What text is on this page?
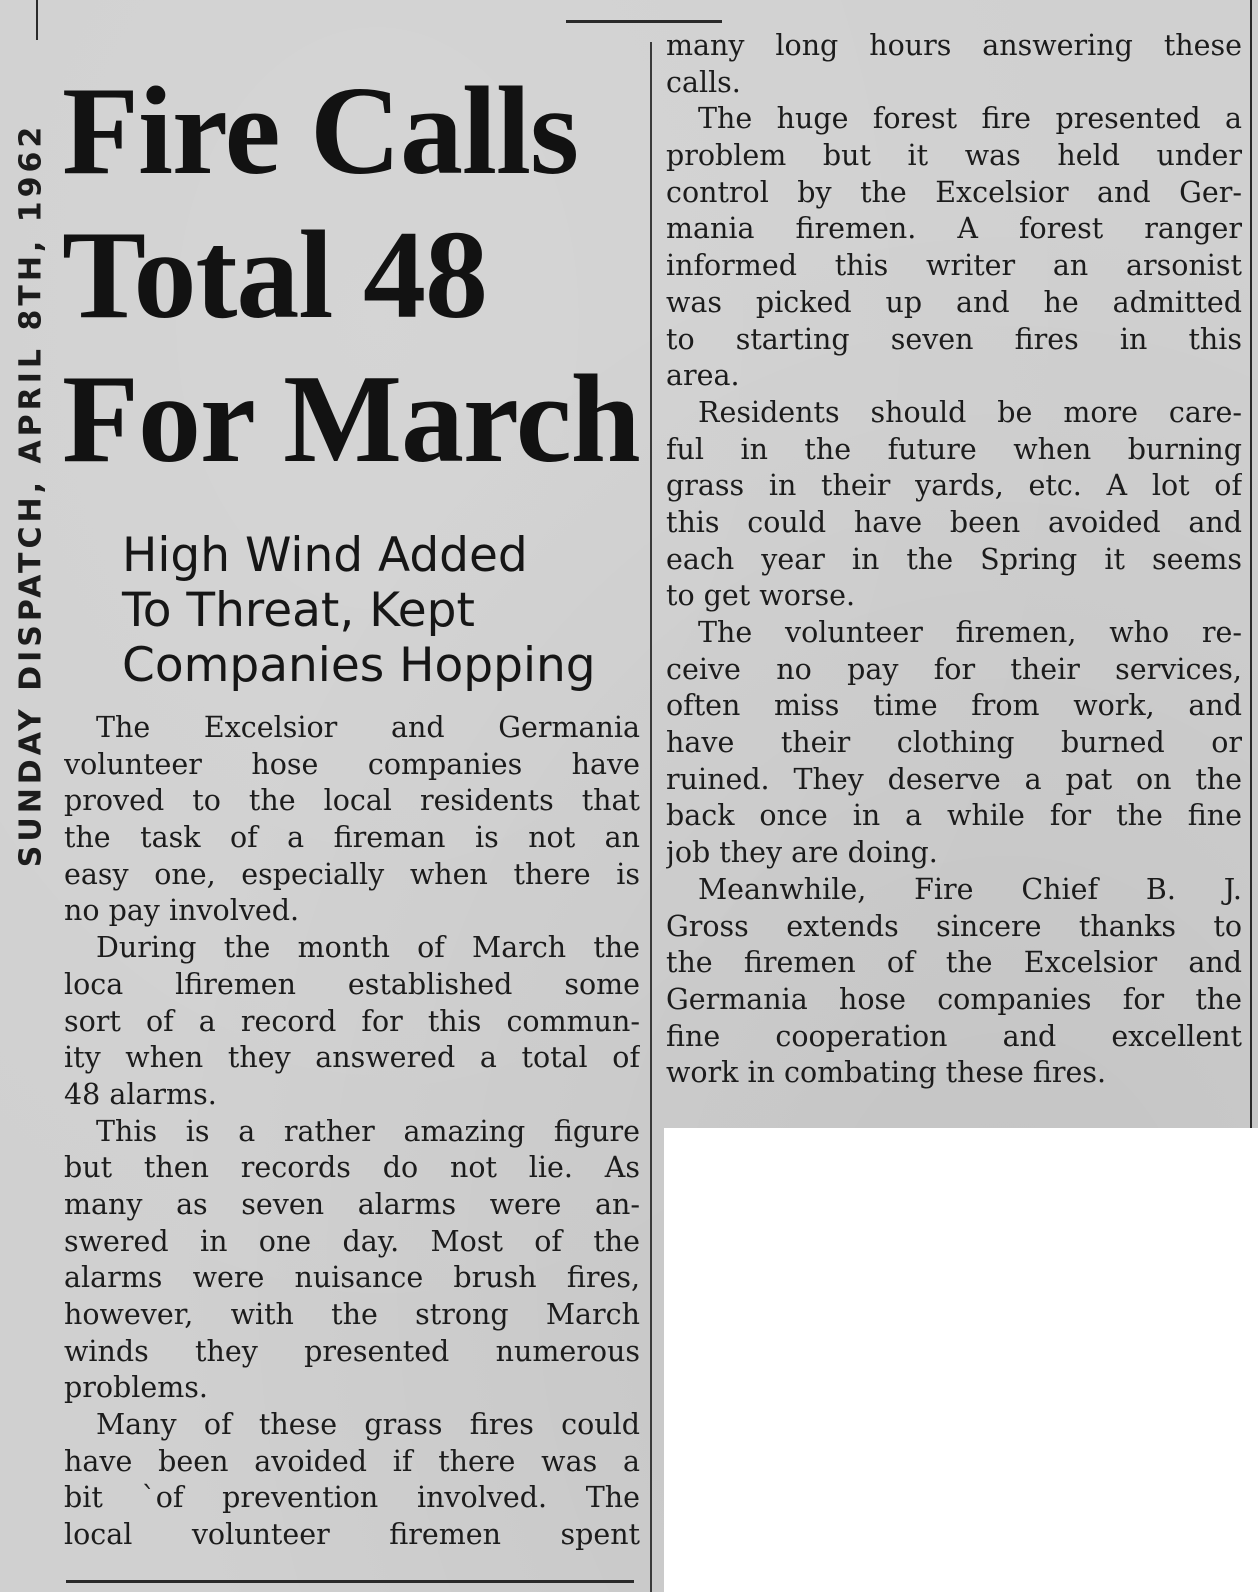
SUNDAY DISPATCH, APRIL 8TH, 1962 Fire Calls
Total 48
For March
High Wind Added
To Threat, Kept
Companies Hopping
The Excelsior and Germania
volunteer hose companies have
proved to the local residents that
the task of a fireman is not an
easy one, especially when there is
no pay involved.
During the month of March the
loca lfiremen established some
sort of a record for this commun-
ity when they answered a total of
48 alarms.
This is a rather amazing figure
but then records do not lie. As
many as seven alarms were an-
swered in one day. Most of the
alarms were nuisance brush fires,
however, with the strong March
winds they presented numerous
problems.
Many of these grass fires could
have been avoided if there was a
bit `of prevention involved. The
local volunteer firemen spent
many long hours answering these
calls.
The huge forest fire presented a
problem but it was held under
control by the Excelsior and Ger-
mania firemen. A forest ranger
informed this writer an arsonist
was picked up and he admitted
to starting seven fires in this
area.
Residents should be more care-
ful in the future when burning
grass in their yards, etc. A lot of
this could have been avoided and
each year in the Spring it seems
to get worse.
The volunteer firemen, who re-
ceive no pay for their services,
often miss time from work, and
have their clothing burned or
ruined. They deserve a pat on the
back once in a while for the fine
job they are doing.
Meanwhile, Fire Chief B. J.
Gross extends sincere thanks to
the firemen of the Excelsior and
Germania hose companies for the
fine cooperation and excellent
work in combating these fires.
